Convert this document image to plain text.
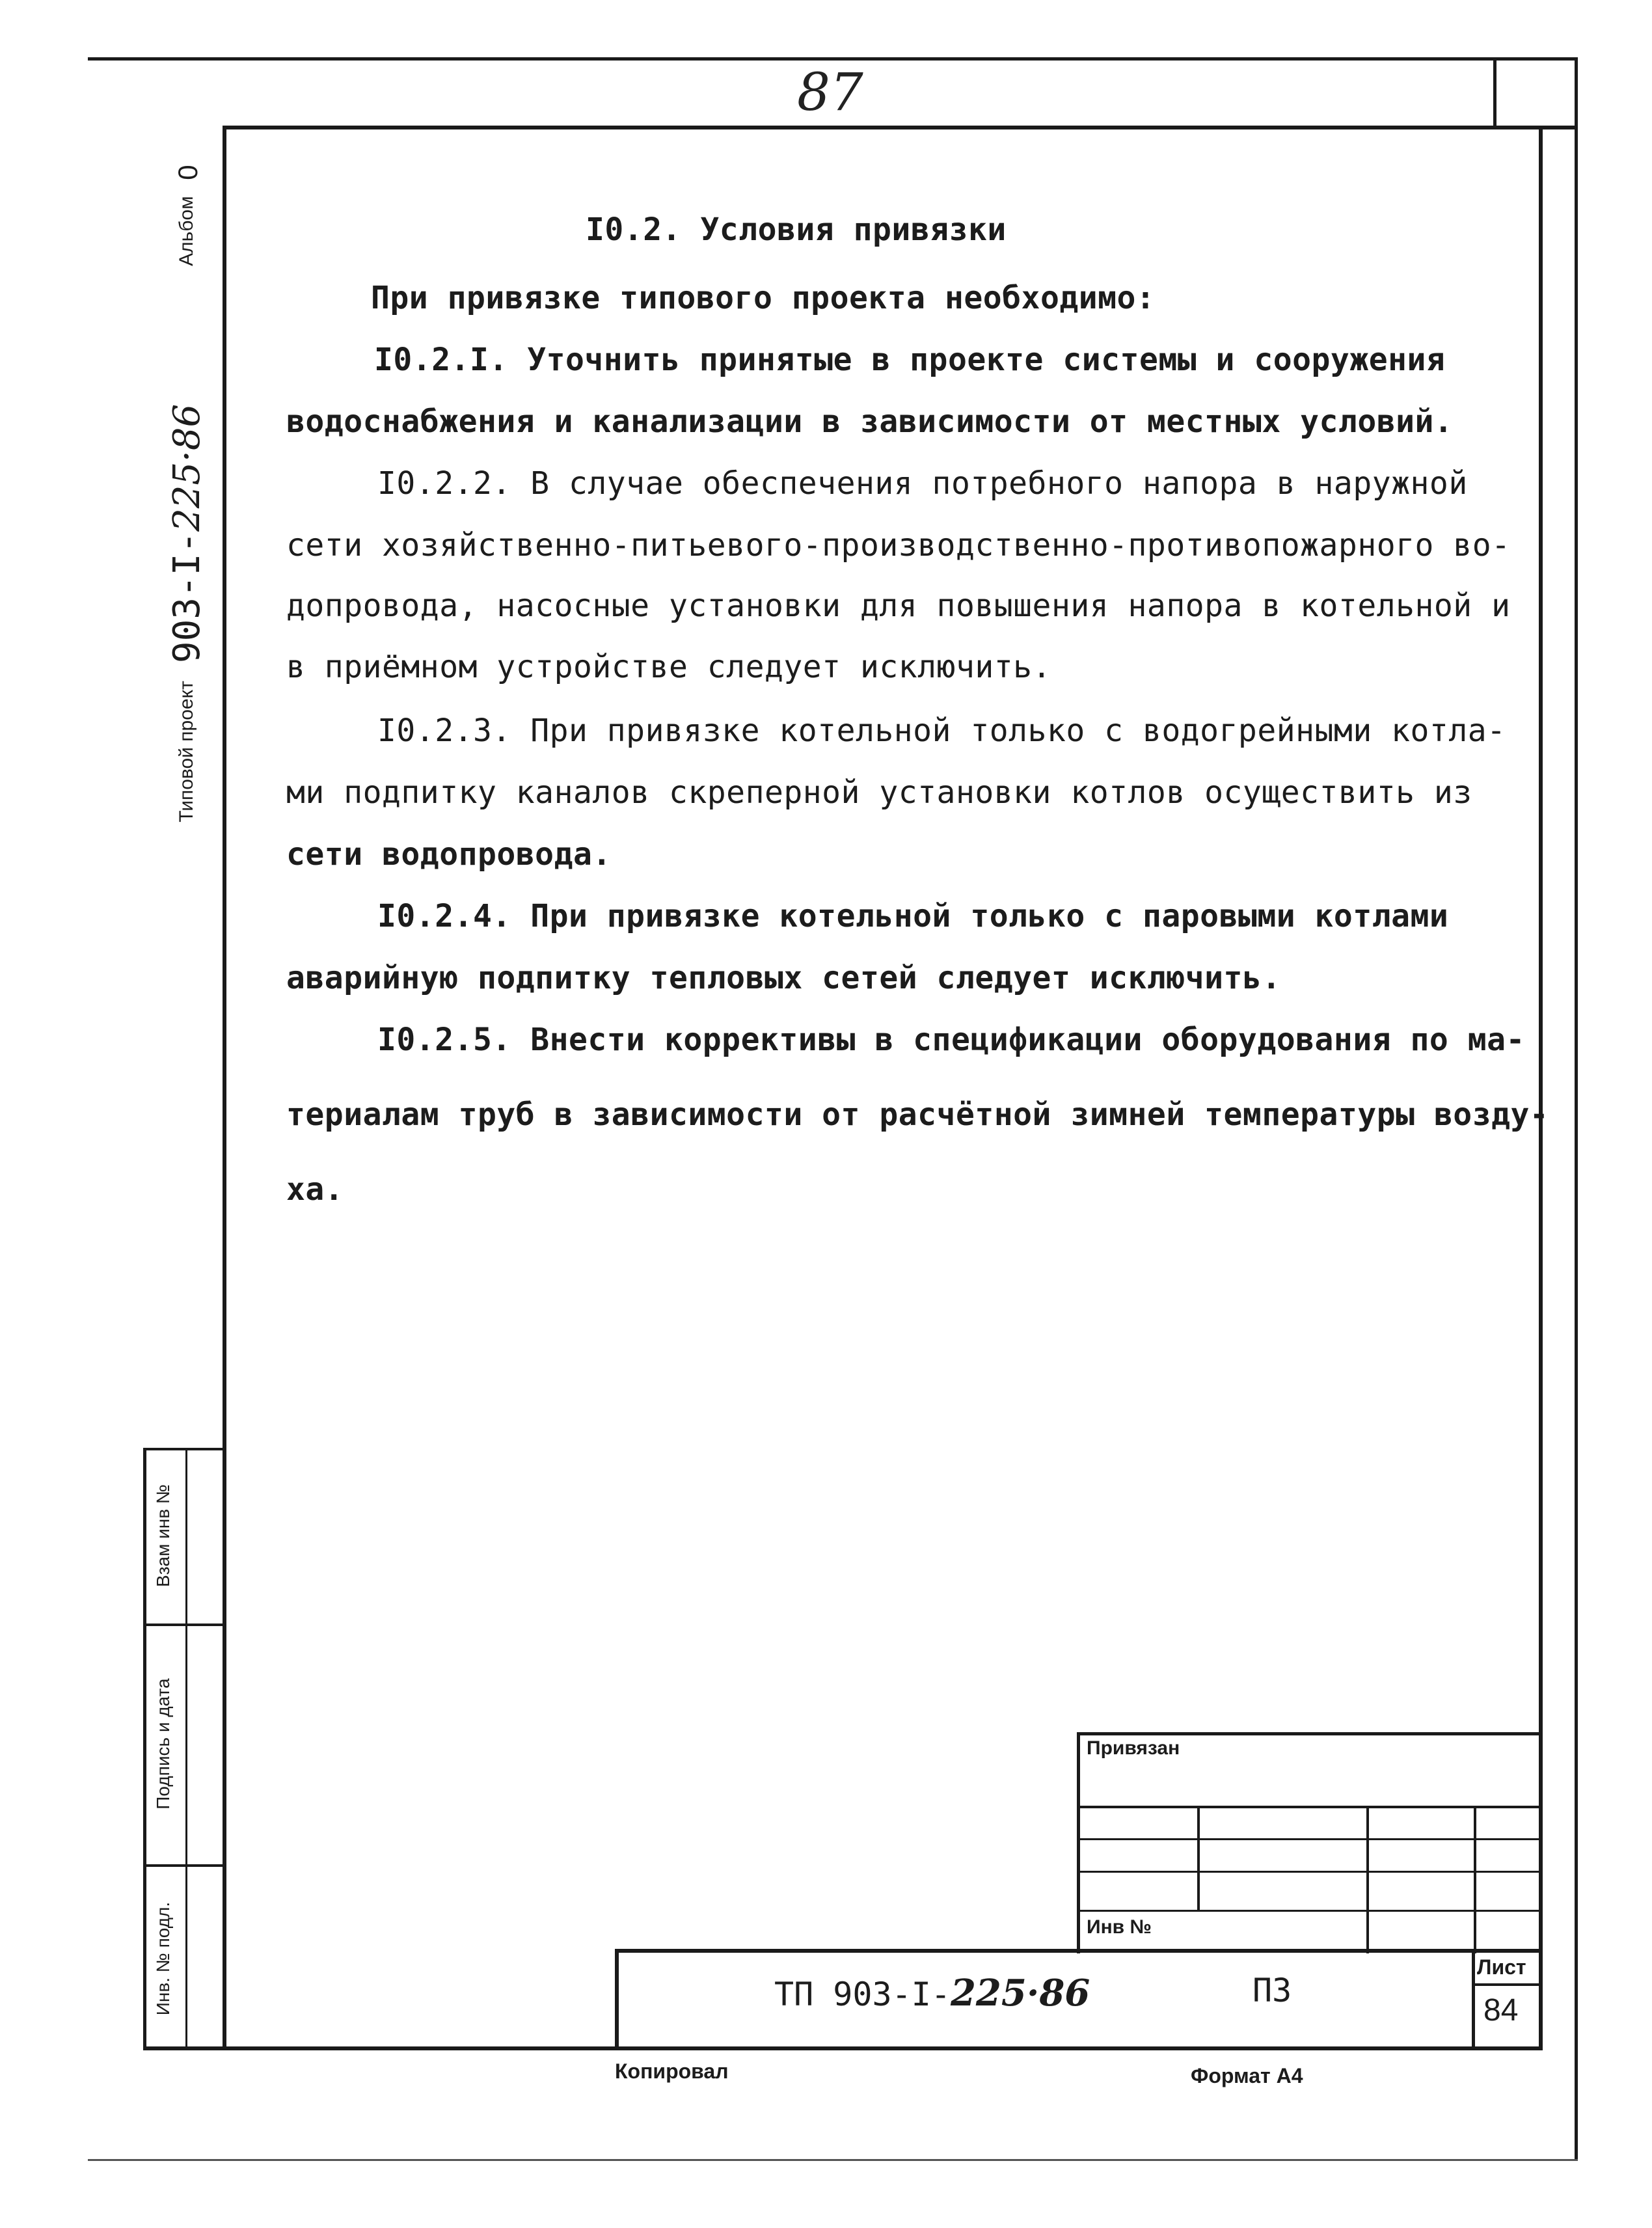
87
Альбом
0
Типовой проект
903-I-225·86
Взам инв №
Подпись и дата
Инв. № подл.
I0.2. Условия привязки
При привязке типового проекта необходимо:
I0.2.I. Уточнить принятые в проекте системы и сооружения
водоснабжения и канализации в зависимости от местных условий.
I0.2.2. В случае обеспечения потребного напора в наружной
сети хозяйственно-питьевого-производственно-противопожарного во-
допровода, насосные установки для повышения напора в котельной и
в приёмном устройстве следует исключить.
I0.2.3. При привязке котельной только с водогрейными котла-
ми подпитку каналов скреперной установки котлов осуществить из
сети водопровода.
I0.2.4. При привязке котельной только с паровыми котлами
аварийную подпитку тепловых сетей следует исключить.
I0.2.5. Внести коррективы в спецификации оборудования по ма-
териалам труб в зависимости от расчётной зимней температуры возду-
ха.
Привязан
Инв №
ТП 903-I-225·86	ПЗ
Лист
84
Копировал	Формат А4
